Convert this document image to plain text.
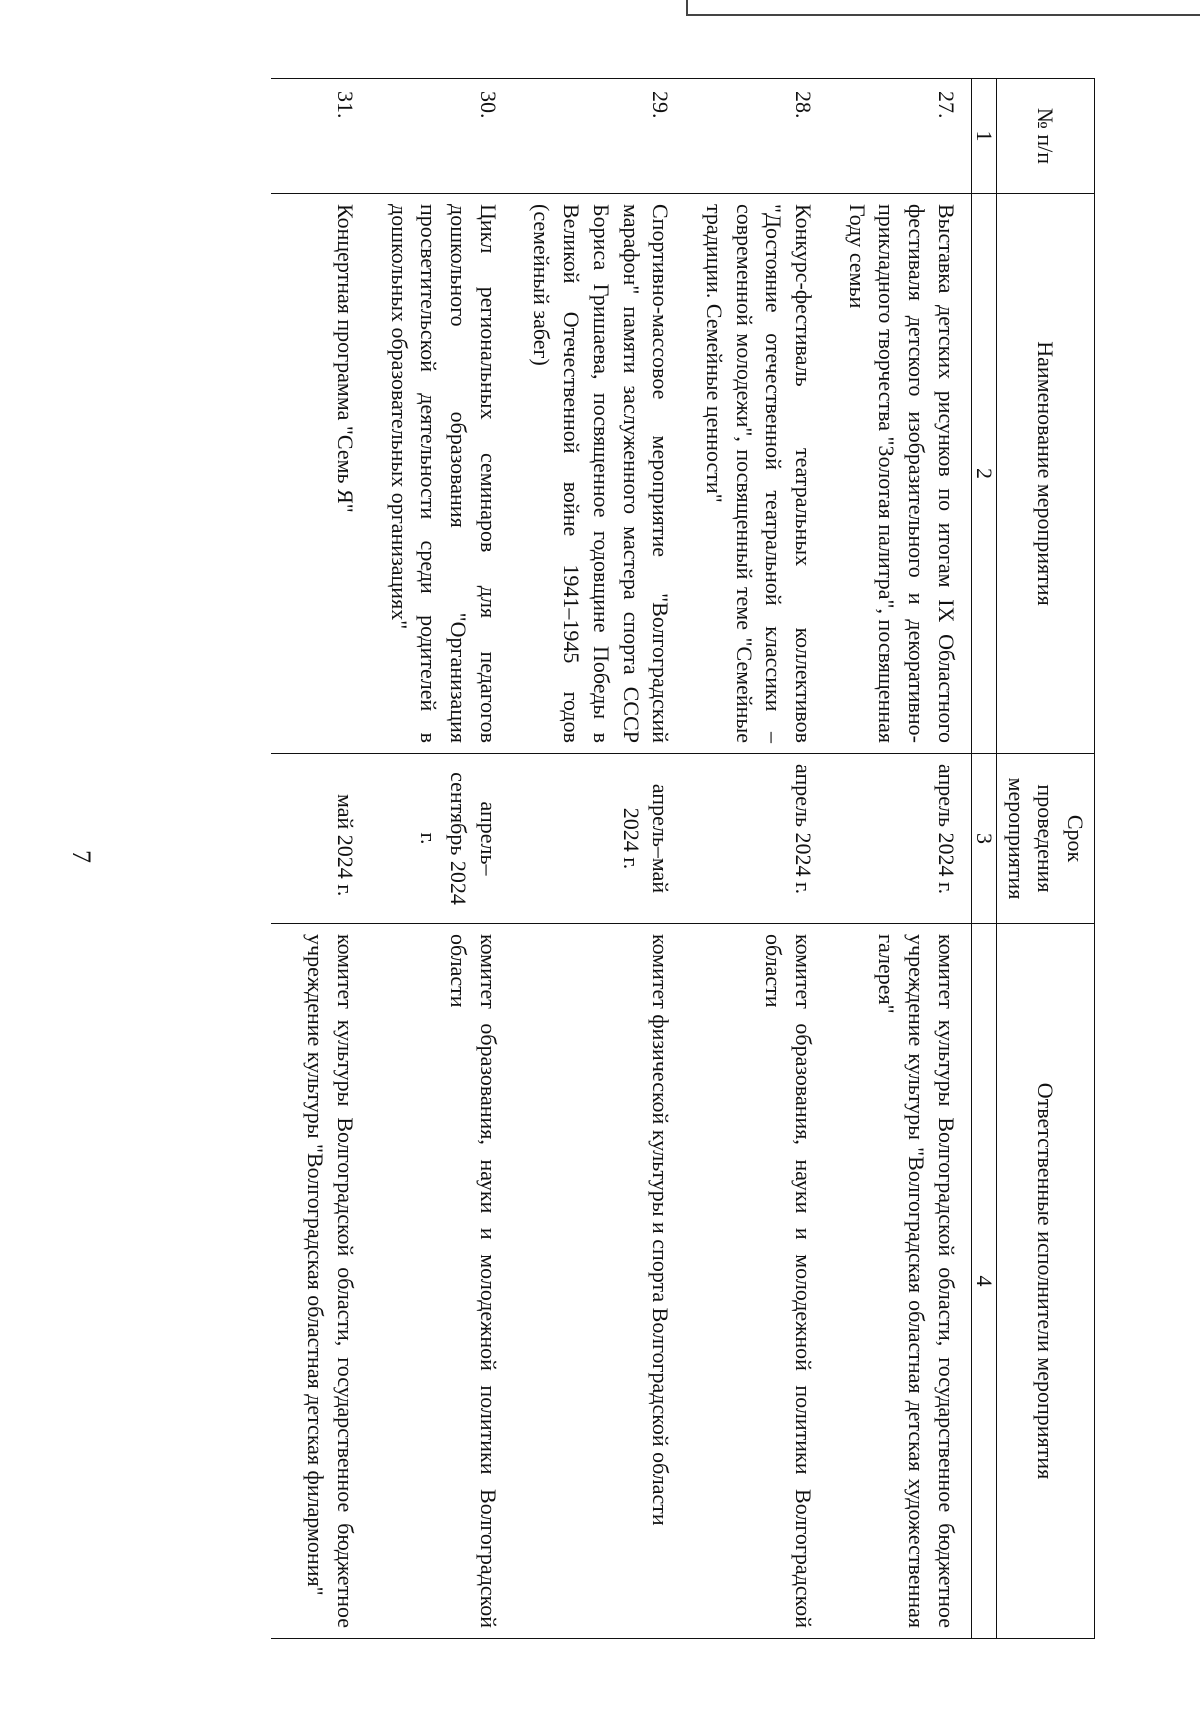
7
№ п/п	Наименование мероприятия	Срок проведения мероприятия	Ответственные исполнители мероприятия
1	2	3	4
27.	Выставка детских рисунков по итогам IX Областного фестиваля детского изобразительного и декоративно-прикладного творчества "Золотая палитра", посвященная Году семьи	апрель 2024 г.	комитет культуры Волгоградской области, государственное бюджетное учреждение культуры "Волгоградская областная детская художественная галерея"
28.	Конкурс-фестиваль театральных коллективов "Достояние отечественной театральной классики – современной молодежи", посвященный теме "Семейные традиции. Семейные ценности"	апрель 2024 г.	комитет образования, науки и молодежной политики Волгоградской области
29.	Спортивно-массовое мероприятие "Волгоградский марафон" памяти заслуженного мастера спорта СССР Бориса Гришаева, посвященное годовщине Победы в Великой Отечественной войне 1941–1945 годов (семейный забег)	апрель–май 2024 г.	комитет физической культуры и спорта Волгоградской области
30.	Цикл региональных семинаров для педагогов дошкольного образования "Организация просветительской деятельности среди родителей в дошкольных образовательных организациях"	апрель–сентябрь 2024 г.	комитет образования, науки и молодежной политики Волгоградской области
31.	Концертная программа "Семь Я"	май 2024 г.	комитет культуры Волгоградской области, государственное бюджетное учреждение культуры "Волгоградская областная детская филармония"
